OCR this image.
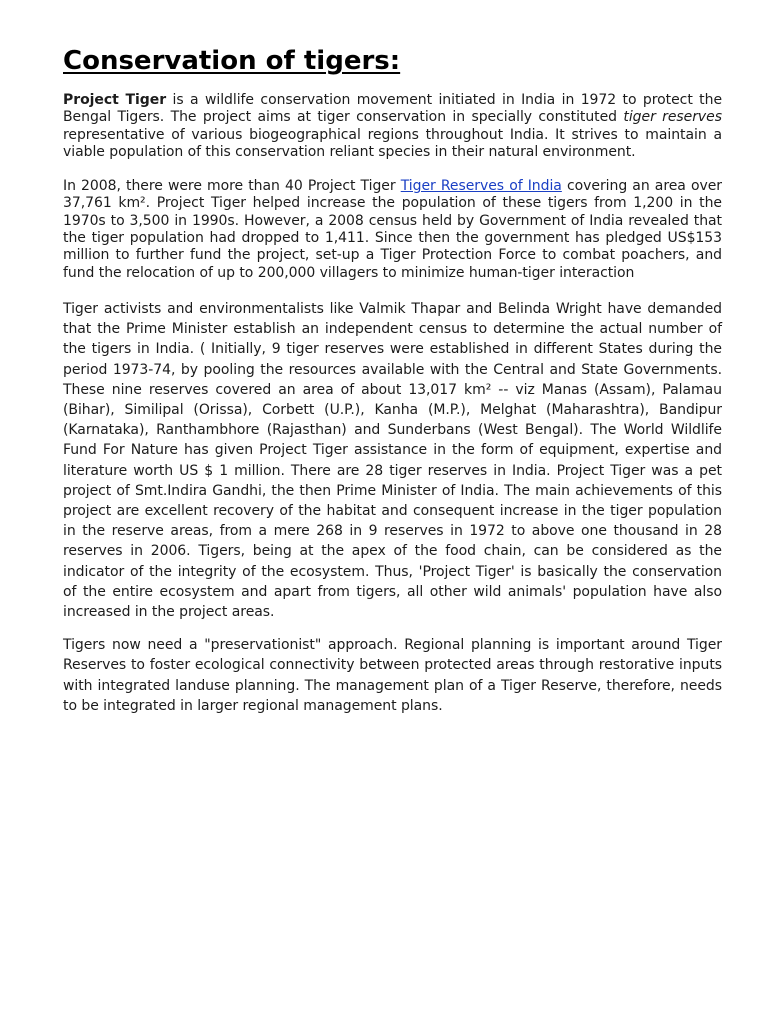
Conservation of tigers:

Project Tiger is a wildlife conservation movement initiated in India in 1972 to protect the Bengal Tigers. The project aims at tiger conservation in specially constituted tiger reserves representative of various biogeographical regions throughout India. It strives to maintain a viable population of this conservation reliant species in their natural environment.

In 2008, there were more than 40 Project Tiger Tiger Reserves of India covering an area over 37,761 km². Project Tiger helped increase the population of these tigers from 1,200 in the 1970s to 3,500 in 1990s. However, a 2008 census held by Government of India revealed that the tiger population had dropped to 1,411. Since then the government has pledged US$153 million to further fund the project, set-up a Tiger Protection Force to combat poachers, and fund the relocation of up to 200,000 villagers to minimize human-tiger interaction

Tiger activists and environmentalists like Valmik Thapar and Belinda Wright have demanded that the Prime Minister establish an independent census to determine the actual number of the tigers in India. ( Initially, 9 tiger reserves were established in different States during the period 1973-74, by pooling the resources available with the Central and State Governments. These nine reserves covered an area of about 13,017 km² -- viz Manas (Assam), Palamau (Bihar), Similipal (Orissa), Corbett (U.P.), Kanha (M.P.), Melghat (Maharashtra), Bandipur (Karnataka), Ranthambhore (Rajasthan) and Sunderbans (West Bengal). The World Wildlife Fund For Nature has given Project Tiger assistance in the form of equipment, expertise and literature worth US $ 1 million. There are 28 tiger reserves in India. Project Tiger was a pet project of Smt.Indira Gandhi, the then Prime Minister of India. The main achievements of this project are excellent recovery of the habitat and consequent increase in the tiger population in the reserve areas, from a mere 268 in 9 reserves in 1972 to above one thousand in 28 reserves in 2006. Tigers, being at the apex of the food chain, can be considered as the indicator of the integrity of the ecosystem. Thus, 'Project Tiger' is basically the conservation of the entire ecosystem and apart from tigers, all other wild animals' population have also increased in the project areas.

Tigers now need a "preservationist" approach. Regional planning is important around Tiger Reserves to foster ecological connectivity between protected areas through restorative inputs with integrated landuse planning. The management plan of a Tiger Reserve, therefore, needs to be integrated in larger regional management plans.
